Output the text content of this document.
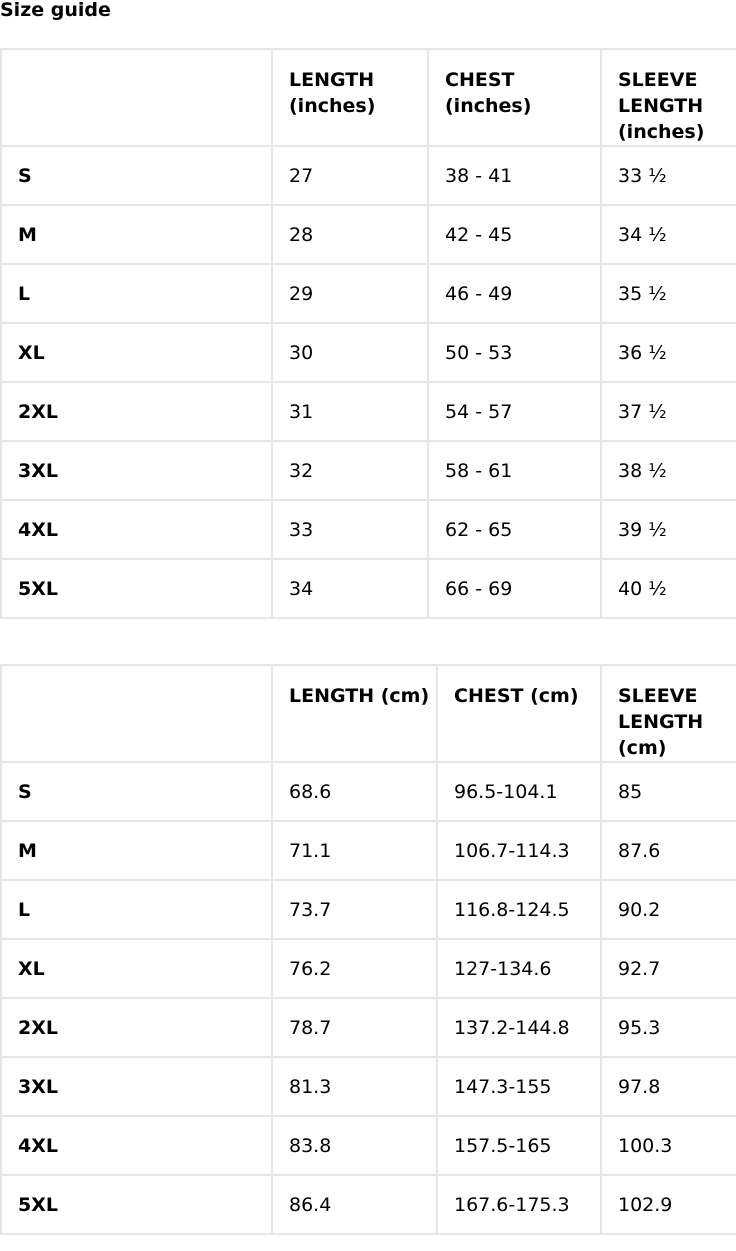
Size guide
	LENGTH (inches)	CHEST (inches)	SLEEVE LENGTH (inches)
S	27	38 - 41	33 ½
M	28	42 - 45	34 ½
L	29	46 - 49	35 ½
XL	30	50 - 53	36 ½
2XL	31	54 - 57	37 ½
3XL	32	58 - 61	38 ½
4XL	33	62 - 65	39 ½
5XL	34	66 - 69	40 ½
	LENGTH (cm)	CHEST (cm)	SLEEVE LENGTH (cm)
S	68.6	96.5-104.1	85
M	71.1	106.7-114.3	87.6
L	73.7	116.8-124.5	90.2
XL	76.2	127-134.6	92.7
2XL	78.7	137.2-144.8	95.3
3XL	81.3	147.3-155	97.8
4XL	83.8	157.5-165	100.3
5XL	86.4	167.6-175.3	102.9
